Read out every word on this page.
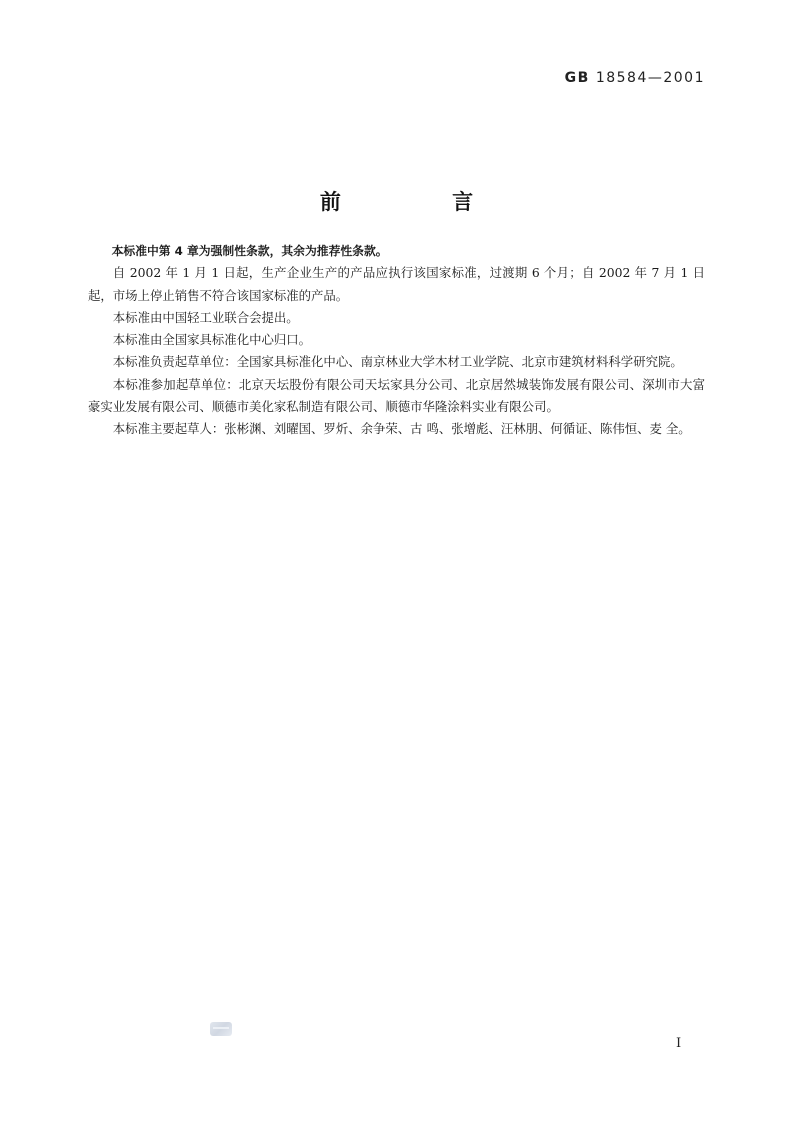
GB 18584—2001
前 言

本标准中第 4 章为强制性条款，其余为推荐性条款。

自 2002 年 1 月 1 日起，生产企业生产的产品应执行该国家标准，过渡期 6 个月；自 2002 年 7 月 1 日起，市场上停止销售不符合该国家标准的产品。

本标准由中国轻工业联合会提出。

本标准由全国家具标准化中心归口。

本标准负责起草单位：全国家具标准化中心、南京林业大学木材工业学院、北京市建筑材料科学研究院。

本标准参加起草单位：北京天坛股份有限公司天坛家具分公司、北京居然城装饰发展有限公司、深圳市大富豪实业发展有限公司、顺德市美化家私制造有限公司、顺德市华隆涂料实业有限公司。

本标准主要起草人：张彬渊、刘曜国、罗炘、余争荣、古 鸣、张增彪、汪林朋、何循证、陈伟恒、麦 全。

I
